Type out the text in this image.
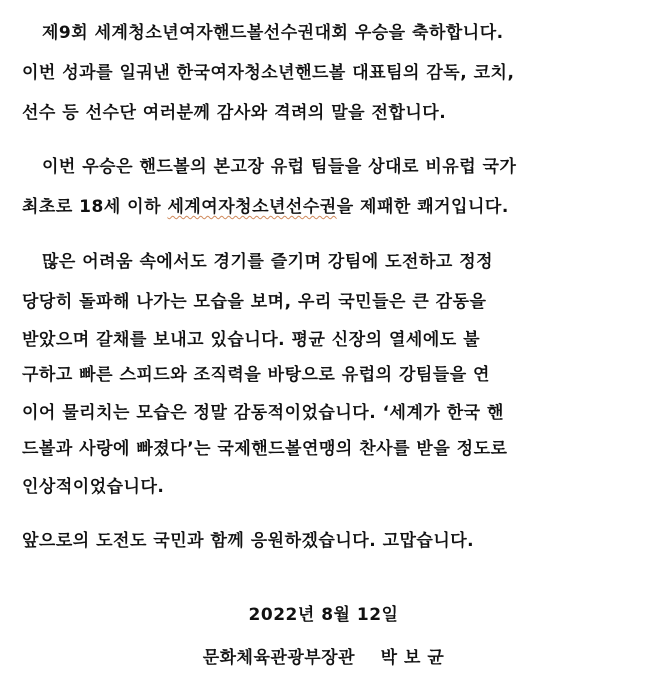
제9회 세계청소년여자핸드볼선수권대회 우승을 축하합니다.
이번 성과를 일궈낸 한국여자청소년핸드볼 대표팀의 감독, 코치,
선수 등 선수단 여러분께 감사와 격려의 말을 전합니다.
이번 우승은 핸드볼의 본고장 유럽 팀들을 상대로 비유럽 국가
최초로 18세 이하 세계여자청소년선수권을 제패한 쾌거입니다.
많은 어려움 속에서도 경기를 즐기며 강팀에 도전하고 정정
당당히 돌파해 나가는 모습을 보며, 우리 국민들은 큰 감동을
받았으며 갈채를 보내고 있습니다. 평균 신장의 열세에도 불
구하고 빠른 스피드와 조직력을 바탕으로 유럽의 강팀들을 연
이어 물리치는 모습은 정말 감동적이었습니다. ‘세계가 한국 핸
드볼과 사랑에 빠졌다’는 국제핸드볼연맹의 찬사를 받을 정도로
인상적이었습니다.
앞으로의 도전도 국민과 함께 응원하겠습니다. 고맙습니다.
2022년 8월 12일
문화체육관광부장관    박 보 균
